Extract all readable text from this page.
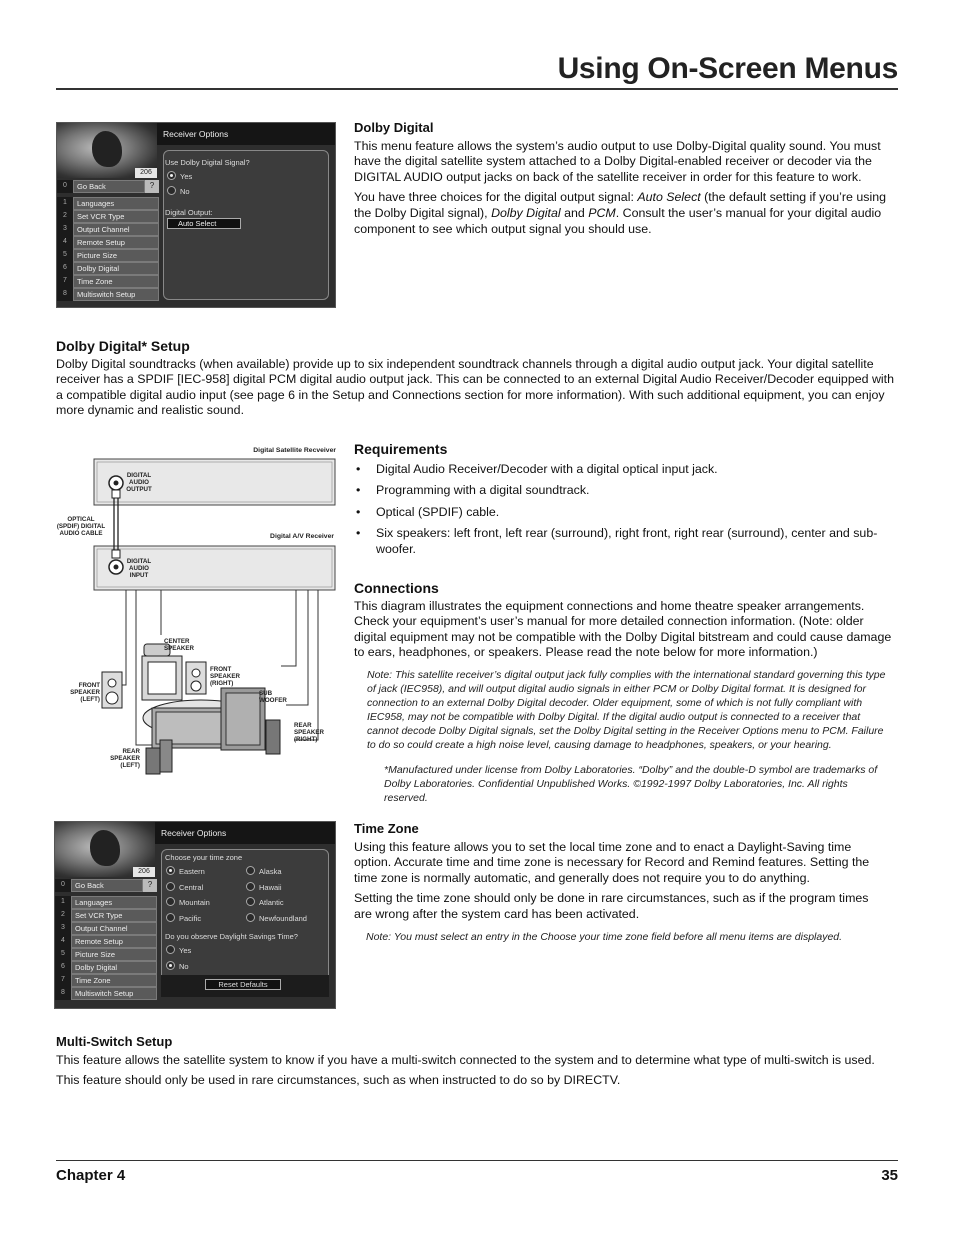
Using On-Screen Menus
206
Receiver Options
0	Go Back	?
1	Languages
2	Set VCR Type
3	Output Channel
4	Remote Setup
5	Picture Size
6	Dolby Digital
7	Time Zone
8	Multiswitch Setup
Use Dolby Digital Signal?
Yes
No
Digital Output:
Auto Select

Dolby Digital

This menu feature allows the system’s audio output to use Dolby-Digital quality sound. You must have the digital satellite system attached to a Dolby Digital-enabled receiver or decoder via the DIGITAL AUDIO output jacks on back of the satellite receiver in order for this feature to work.

You have three choices for the digital output signal: Auto Select (the default setting if you’re using the Dolby Digital signal), Dolby Digital and PCM. Consult the user’s manual for your digital audio component to see which output signal you should use.

Dolby Digital* Setup

Dolby Digital soundtracks (when available) provide up to six independent soundtrack channels through a digital audio output jack. Your digital satellite receiver has a SPDIF [IEC-958] digital PCM digital audio output jack. This can be connected to an external Digital Audio Receiver/Decoder equipped with a compatible digital audio input (see page 6 in the Setup and Connections section for more information). With such additional equipment, you can enjoy more dynamic and realistic sound.

Digital Satellite Recveiver
DIGITAL AUDIO OUTPUT
OPTICAL (SPDIF) DIGITAL AUDIO CABLE	Digital A/V Receiver
DIGITAL AUDIO INPUT
CENTER SPEAKER
FRONT SPEAKER (LEFT)
FRONT SPEAKER (RIGHT)
SUB WOOFER
REAR SPEAKER (RIGHT)
REAR SPEAKER (LEFT)

Requirements

• Digital Audio Receiver/Decoder with a digital optical input jack.
• Programming with a digital soundtrack.
• Optical (SPDIF) cable.
• Six speakers: left front, left rear (surround), right front, right rear (surround), center and sub-woofer.

Connections

This diagram illustrates the equipment connections and home theatre speaker arrangements. Check your equipment’s user’s manual for more detailed connection information. (Note: older digital equipment may not be compatible with the Dolby Digital bitstream and could cause damage to ears, headphones, or speakers. Please read the note below for more information.)

Note: This satellite receiver’s digital output jack fully complies with the international standard governing this type of jack (IEC958), and will output digital audio signals in either PCM or Dolby Digital format. It is designed for connection to an external Dolby Digital decoder. Older equipment, some of which is not fully compliant with IEC958, may not be compatible with Dolby Digital. If the digital audio output is connected to a receiver that cannot decode Dolby Digital signals, set the Dolby Digital setting in the Receiver Options menu to PCM. Failure to do so could create a high noise level, causing damage to headphones, speakers, or your hearing.
*Manufactured under license from Dolby Laboratories. “Dolby” and the double-D symbol are trademarks of Dolby Laboratories. Confidential Unpublished Works. ©1992-1997 Dolby Laboratories, Inc. All rights reserved.
206
Receiver Options
0	Go Back	?
1	Languages
2	Set VCR Type
3	Output Channel
4	Remote Setup
5	Picture Size
6	Dolby Digital
7	Time Zone
8	Multiswitch Setup
Choose your time zone
Eastern
Central
Mountain
Pacific
Alaska
Hawaii
Atlantic
Newfoundland
Do you observe Daylight Savings Time?
Yes
No
Reset Defaults

Time Zone

Using this feature allows you to set the local time zone and to enact a Daylight-Saving time option. Accurate time and time zone is necessary for Record and Remind features. Setting the time zone is normally automatic, and generally does not require you to do anything.

Setting the time zone should only be done in rare circumstances, such as if the program times are wrong after the system card has been activated.

Note: You must select an entry in the Choose your time zone field before all menu items are displayed.

Multi-Switch Setup

This feature allows the satellite system to know if you have a multi-switch connected to the system and to determine what type of multi-switch is used.

This feature should only be used in rare circumstances, such as when instructed to do so by DIRECTV.

Chapter 4	35
